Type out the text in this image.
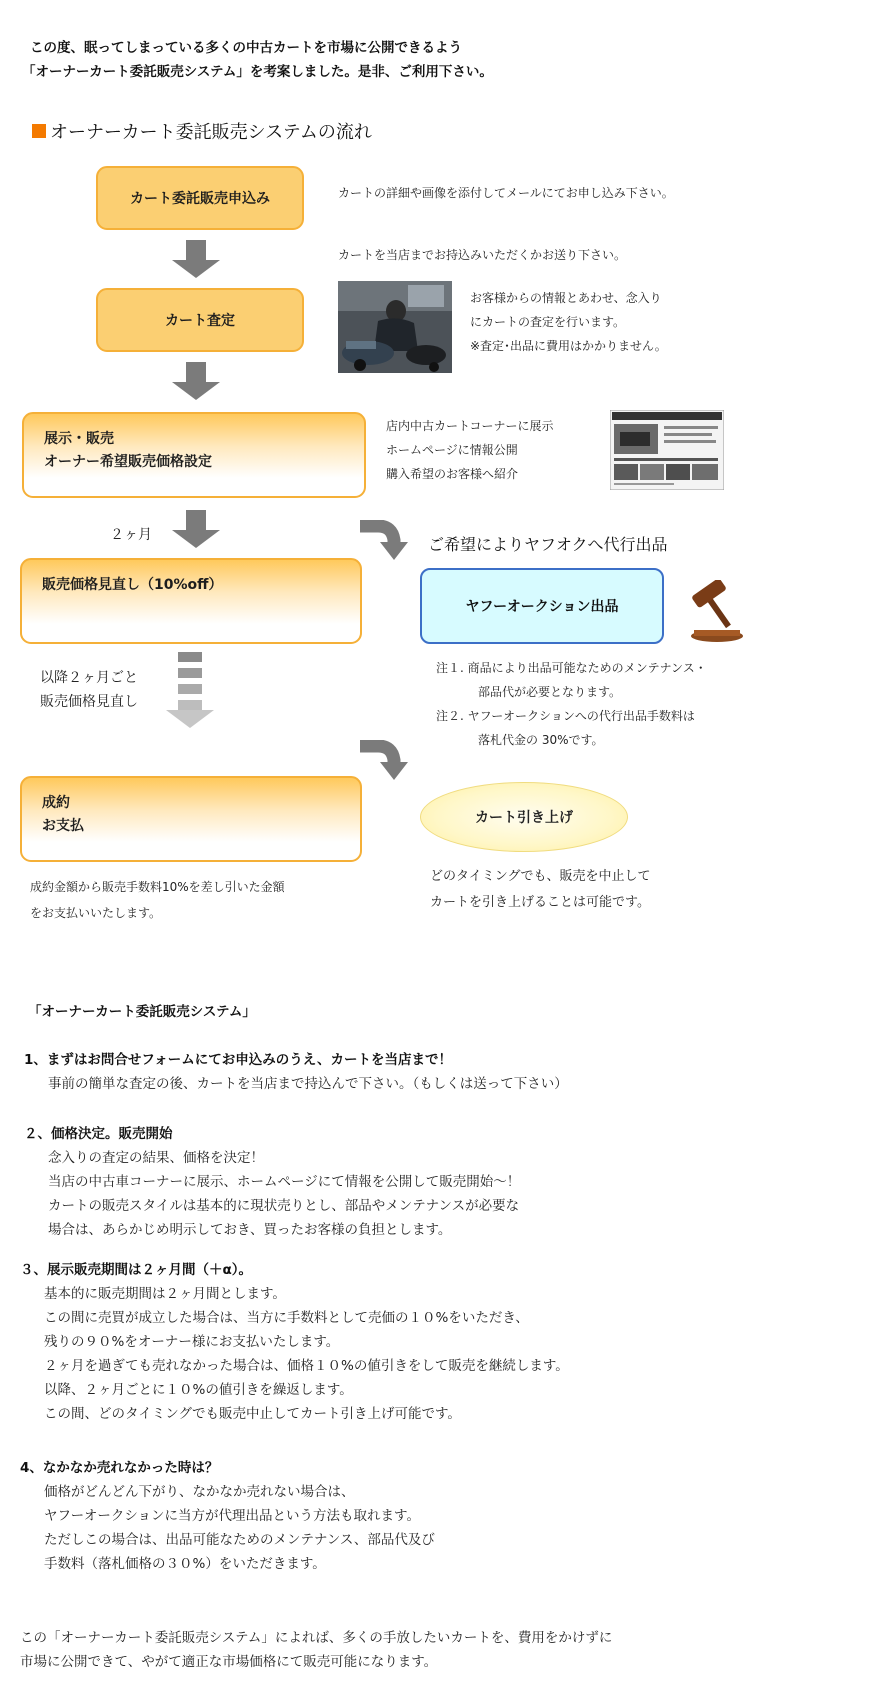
この度、眠ってしまっている多くの中古カートを市場に公開できるよう
「オーナーカート委託販売システム」を考案しました。是非、ご利用下さい。
オーナーカート委託販売システムの流れ
カート委託販売申込み	カートの詳細や画像を添付してメールにてお申し込み下さい。
カートを当店までお持込みいただくかお送り下さい。
カート査定
お客様からの情報とあわせ、念入り
にカートの査定を行います。
※査定･出品に費用はかかりません。
展示・販売
オーナー希望販売価格設定
店内中古カートコーナーに展示
ホームページに情報公開
購入希望のお客様へ紹介
２ヶ月	ご希望によりヤフオクへ代行出品
販売価格見直し（10%off）
ヤフーオークション出品
以降２ヶ月ごと
販売価格見直し
注１. 商品により出品可能なためのメンテナンス・
部品代が必要となります。
注２. ヤフーオークションへの代行出品手数料は
落札代金の 30%です。
成約
お支払	カート引き上げ
成約金額から販売手数料10%を差し引いた金額
をお支払いいたします。
どのタイミングでも、販売を中止して
カートを引き上げることは可能です。
「オーナーカート委託販売システム」
1、まずはお問合せフォームにてお申込みのうえ、カートを当店まで！
事前の簡単な査定の後、カートを当店まで持込んで下さい。（もしくは送って下さい）
２、価格決定。販売開始
念入りの査定の結果、価格を決定！
当店の中古車コーナーに展示、ホームページにて情報を公開して販売開始～！
カートの販売スタイルは基本的に現状売りとし、部品やメンテナンスが必要な
場合は、あらかじめ明示しておき、買ったお客様の負担とします。
３、展示販売期間は２ヶ月間（＋α）。
基本的に販売期間は２ヶ月間とします。
この間に売買が成立した場合は、当方に手数料として売価の１０%をいただき、
残りの９０%をオーナー様にお支払いたします。
２ヶ月を過ぎても売れなかった場合は、価格１０%の値引きをして販売を継続します。
以降、２ヶ月ごとに１０%の値引きを繰返します。
この間、どのタイミングでも販売中止してカート引き上げ可能です。
4、なかなか売れなかった時は？
価格がどんどん下がり、なかなか売れない場合は、
ヤフーオークションに当方が代理出品という方法も取れます。
ただしこの場合は、出品可能なためのメンテナンス、部品代及び
手数料（落札価格の３０%）をいただきます。
この「オーナーカート委託販売システム」によれば、多くの手放したいカートを、費用をかけずに
市場に公開できて、やがて適正な市場価格にて販売可能になります。
